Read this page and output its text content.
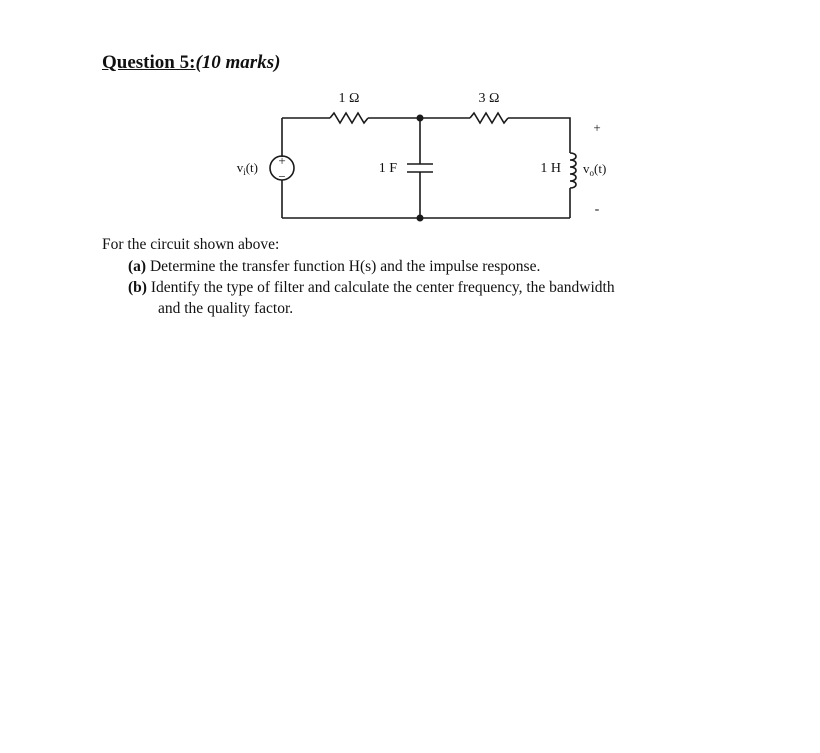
Question 5:(10 marks)
+
−
1 Ω	3 Ω
1 F	1 H
$v_i(t)$
+
$v_o(t)$
-
For the circuit shown above:
(a) Determine the transfer function H(s) and the impulse response.
(b) Identify the type of filter and calculate the center frequency, the bandwidth
and the quality factor.
